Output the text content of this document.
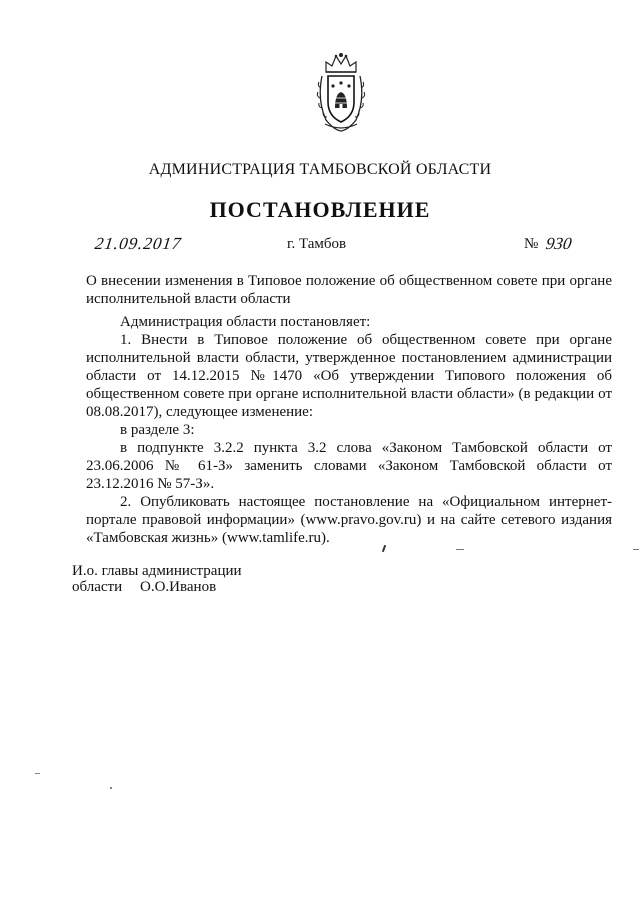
АДМИНИСТРАЦИЯ ТАМБОВСКОЙ ОБЛАСТИ
ПОСТАНОВЛЕНИЕ
21.09.2017	г. Тамбов	№ 930
О внесении изменения в Типовое положение об общественном совете при органе исполнительной власти области

Администрация области постановляет:

1. Внести в Типовое положение об общественном совете при органе исполнительной власти области, утвержденное постановлением администрации области от 14.12.2015 №1470 «Об утверждении Типового положения об общественном совете при органе исполнительной власти области» (в редакции от 08.08.2017), следующее изменение:

в разделе 3:

в подпункте 3.2.2 пункта 3.2 слова «Законом Тамбовской области от 23.06.2006 № 61-З» заменить словами «Законом Тамбовской области от 23.12.2016 № 57-З».

2. Опубликовать настоящее постановление на «Официальном интернет-портале правовой информации» (www.pravo.gov.ru) и на сайте сетевого издания «Тамбовская жизнь» (www.tamlife.ru).

И.о. главы администрации
области О.О.Иванов
